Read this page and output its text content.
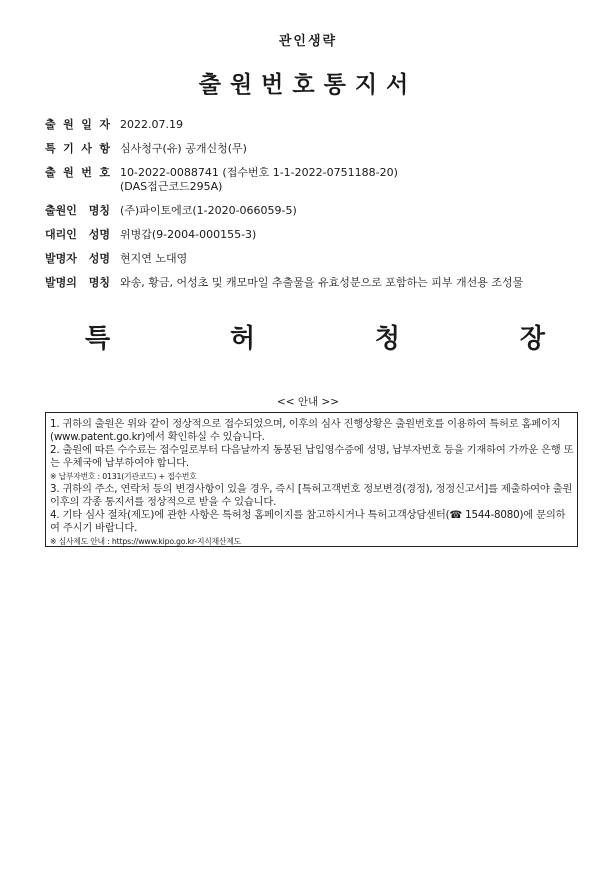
관인생략
출원번호통지서
출 원 일 자 2022.07.19
특 기 사 항 심사청구(유) 공개신청(무)
출 원 번 호 10-2022-0088741 (접수번호 1-1-2022-0751188-20)
(DAS접근코드295A)
출원인 명칭 (주)파이토에코(1-2020-066059-5)
대리인 성명 위병갑(9-2004-000155-3)
발명자 성명 현지연 노대영
발명의 명칭 와송, 황금, 어성초 및 캐모마일 추출물을 유효성분으로 포함하는 피부 개선용 조성물
특	허	청	장
<< 안내 >>

1. 귀하의 출원은 위와 같이 정상적으로 접수되었으며, 이후의 심사 진행상황은 출원번호를 이용하여 특허로 홈페이지(www.patent.go.kr)에서 확인하실 수 있습니다.

2. 출원에 따른 수수료는 접수일로부터 다음날까지 동봉된 납입영수증에 성명, 납부자번호 등을 기재하여 가까운 은행 또는 우체국에 납부하여야 합니다.

※ 납부자번호 : 0131(기관코드) + 접수번호

3. 귀하의 주소, 연락처 등의 변경사항이 있을 경우, 즉시 [특허고객번호 정보변경(경정), 정정신고서]를 제출하여야 출원 이후의 각종 통지서를 정상적으로 받을 수 있습니다.

4. 기타 심사 절차(제도)에 관한 사항은 특허청 홈페이지를 참고하시거나 특허고객상담센터(☎ 1544-8080)에 문의하여 주시기 바랍니다.

※ 심사제도 안내 : https://www.kipo.go.kr-지식재산제도
